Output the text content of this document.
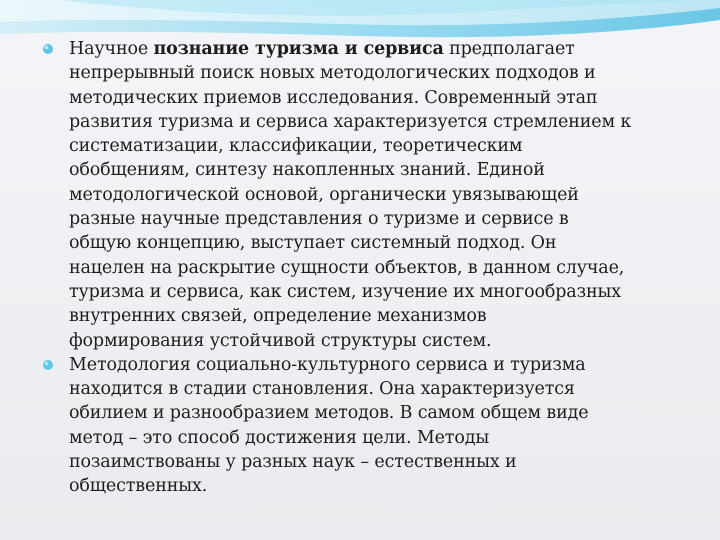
Научное познание туризма и сервиса предполагает
непрерывный поиск новых методологических подходов и
методических приемов исследования. Современный этап
развития туризма и сервиса характеризуется стремлением к
систематизации, классификации, теоретическим
обобщениям, синтезу накопленных знаний. Единой
методологической основой, органически увязывающей
разные научные представления о туризме и сервисе в
общую концепцию, выступает системный подход. Он
нацелен на раскрытие сущности объектов, в данном случае,
туризма и сервиса, как систем, изучение их многообразных
внутренних связей, определение механизмов
формирования устойчивой структуры систем.
Методология социально-культурного сервиса и туризма
находится в стадии становления. Она характеризуется
обилием и разнообразием методов. В самом общем виде
метод – это способ достижения цели. Методы
позаимствованы у разных наук – естественных и
общественных.
